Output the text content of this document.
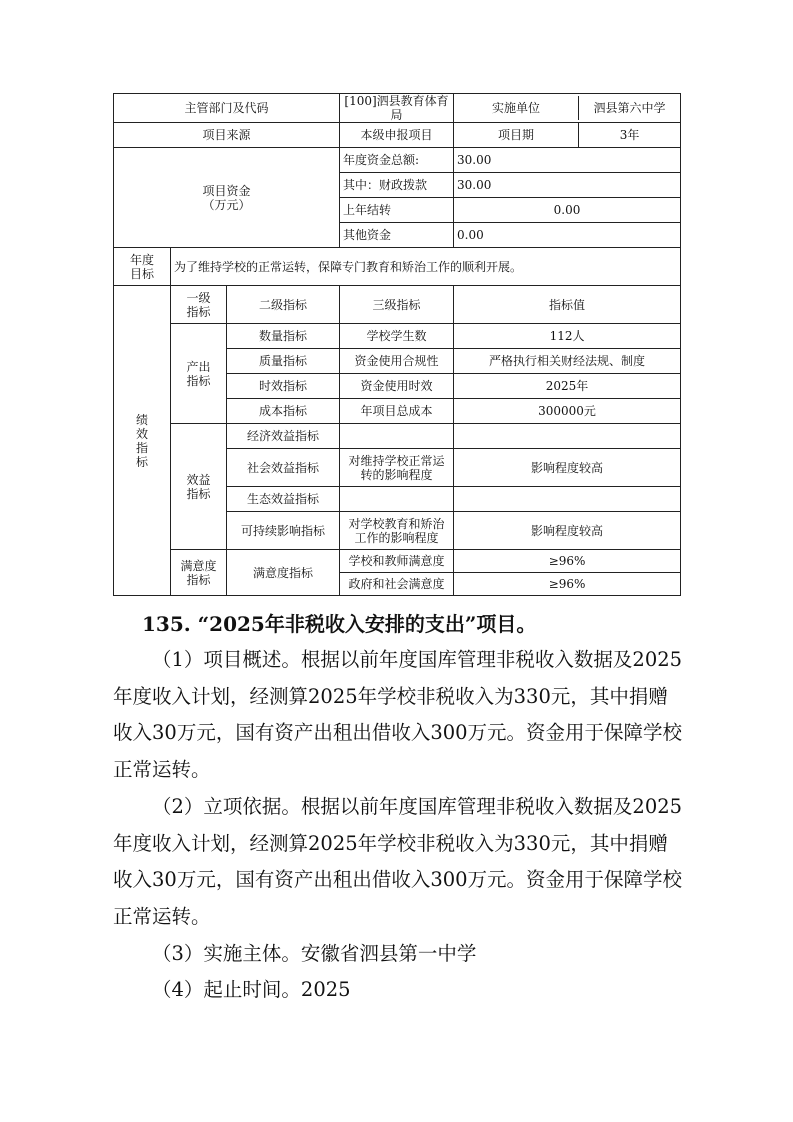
主管部门及代码			[100]泗县教育体育局	实施单位 泗县第六中学

项目来源			本级申报项目	项目期 3年

项目资金（万元）			年度资金总额:	30.00
			其中：财政拨款	30.00
			上年结转	0.00
			其他资金	0.00

年度目标	为了维持学校的正常运转，保障专门教育和矫治工作的顺利开展。			

绩效指标	一级指标	二级指标	三级指标	指标值

	产出指标	数量指标	学校学生数	112人
		质量指标	资金使用合规性	严格执行相关财经法规、制度
		时效指标	资金使用时效	2025年
		成本指标	年项目总成本	300000元

	效益指标	经济效益指标		
		社会效益指标	对维持学校正常运转的影响程度	影响程度较高
		生态效益指标		
		可持续影响指标	对学校教育和矫治工作的影响程度	影响程度较高

	满意度指标	满意度指标	学校和教师满意度	≥96%
			政府和社会满意度	≥96%
135. “2025年非税收入安排的支出”项目。

（1）项目概述。根据以前年度国库管理非税收入数据及2025年度收入计划，经测算2025年学校非税收入为330元，其中捐赠收入30万元，国有资产出租出借收入300万元。资金用于保障学校正常运转。

（2）立项依据。根据以前年度国库管理非税收入数据及2025年度收入计划，经测算2025年学校非税收入为330元，其中捐赠收入30万元，国有资产出租出借收入300万元。资金用于保障学校正常运转。

（3）实施主体。安徽省泗县第一中学

（4）起止时间。2025
